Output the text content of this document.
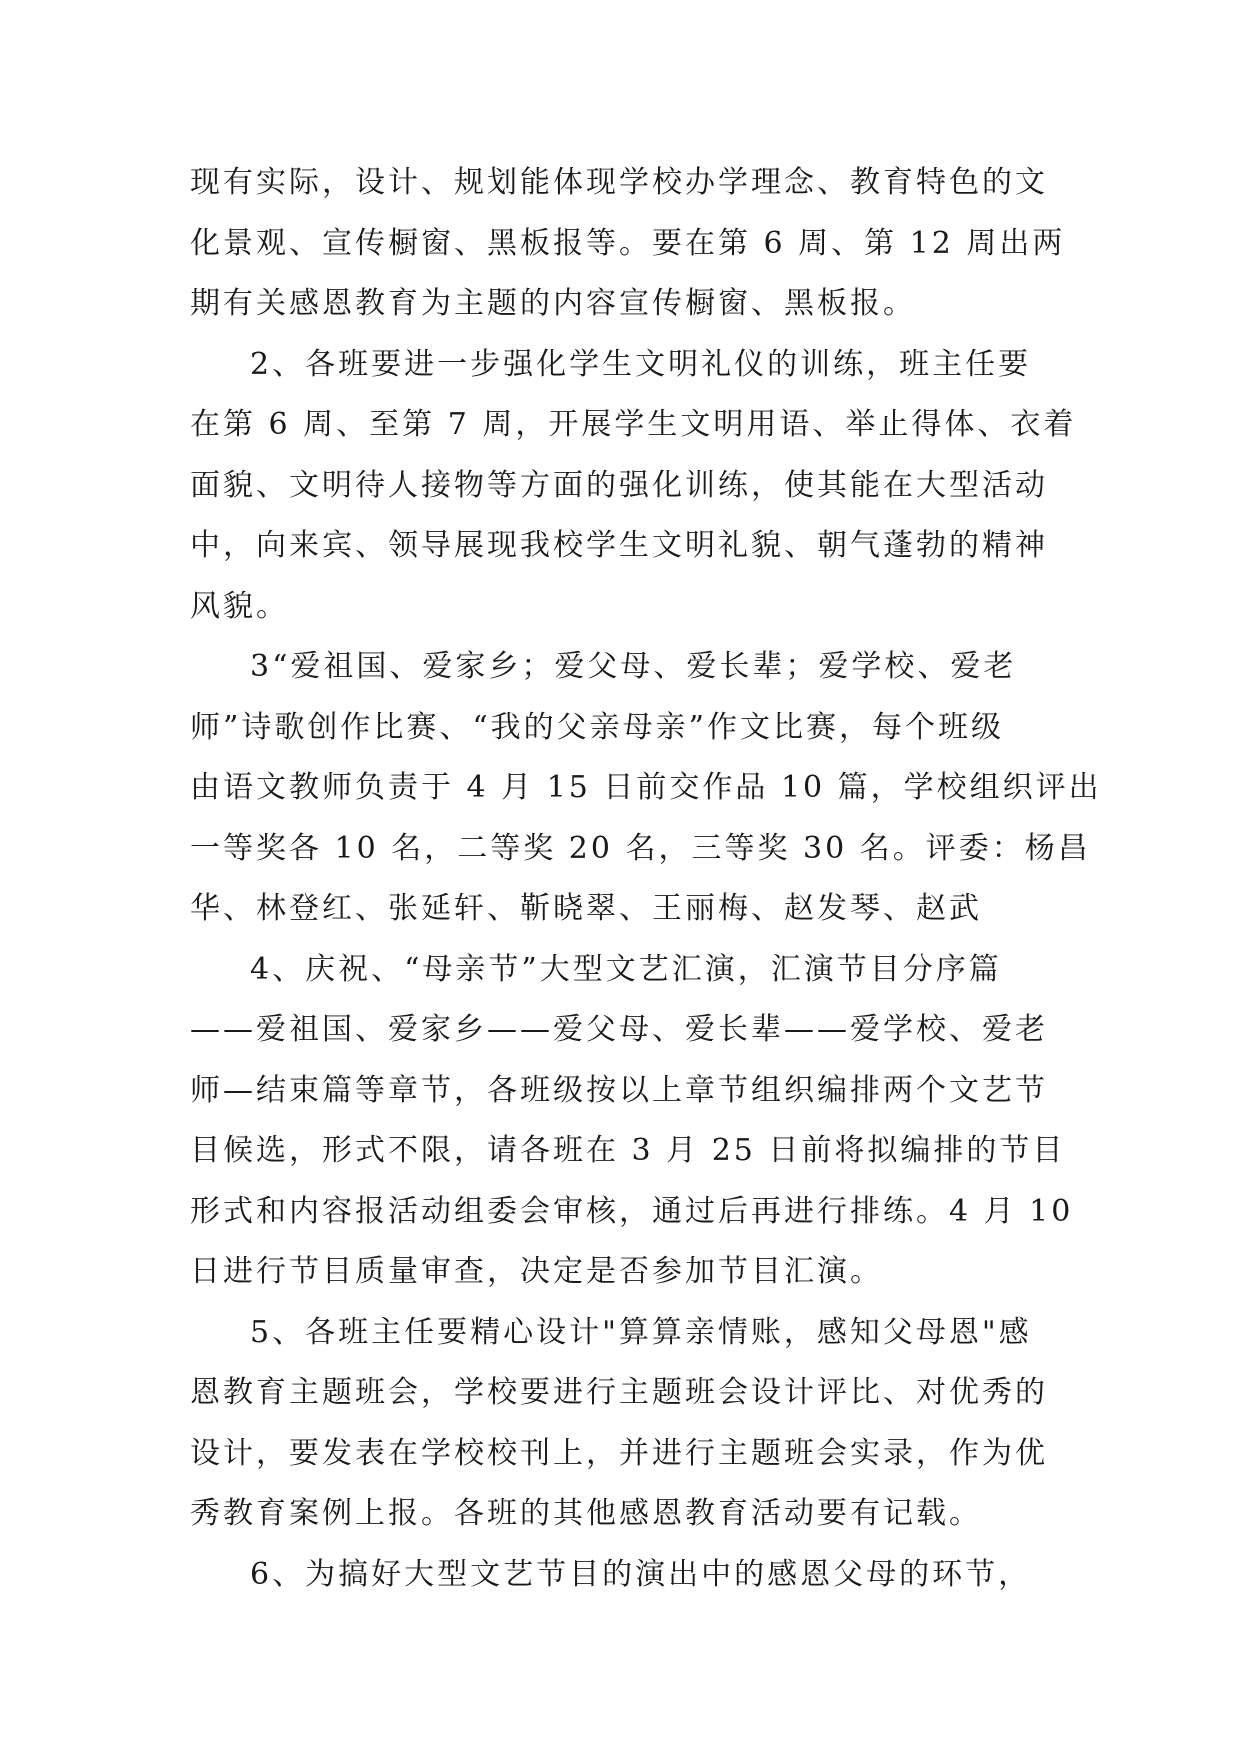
现有实际，设计、规划能体现学校办学理念、教育特色的文
化景观、宣传橱窗、黑板报等。要在第 6 周、第 12 周出两
期有关感恩教育为主题的内容宣传橱窗、黑板报。
2、各班要进一步强化学生文明礼仪的训练，班主任要
在第 6 周、至第 7 周，开展学生文明用语、举止得体、衣着
面貌、文明待人接物等方面的强化训练，使其能在大型活动
中，向来宾、领导展现我校学生文明礼貌、朝气蓬勃的精神
风貌。
3“爱祖国、爱家乡；爱父母、爱长辈；爱学校、爱老
师”诗歌创作比赛、“我的父亲母亲”作文比赛，每个班级
由语文教师负责于 4 月 15 日前交作品 10 篇，学校组织评出
一等奖各 10 名，二等奖 20 名，三等奖 30 名。评委：杨昌
华、林登红、张延轩、靳晓翠、王丽梅、赵发琴、赵武
4、庆祝、“母亲节”大型文艺汇演，汇演节目分序篇
——爱祖国、爱家乡——爱父母、爱长辈——爱学校、爱老
师—结束篇等章节，各班级按以上章节组织编排两个文艺节
目候选，形式不限，请各班在 3 月 25 日前将拟编排的节目
形式和内容报活动组委会审核，通过后再进行排练。4 月 10
日进行节目质量审查，决定是否参加节目汇演。
5、各班主任要精心设计"算算亲情账，感知父母恩"感
恩教育主题班会，学校要进行主题班会设计评比、对优秀的
设计，要发表在学校校刊上，并进行主题班会实录，作为优
秀教育案例上报。各班的其他感恩教育活动要有记载。
6、为搞好大型文艺节目的演出中的感恩父母的环节，
